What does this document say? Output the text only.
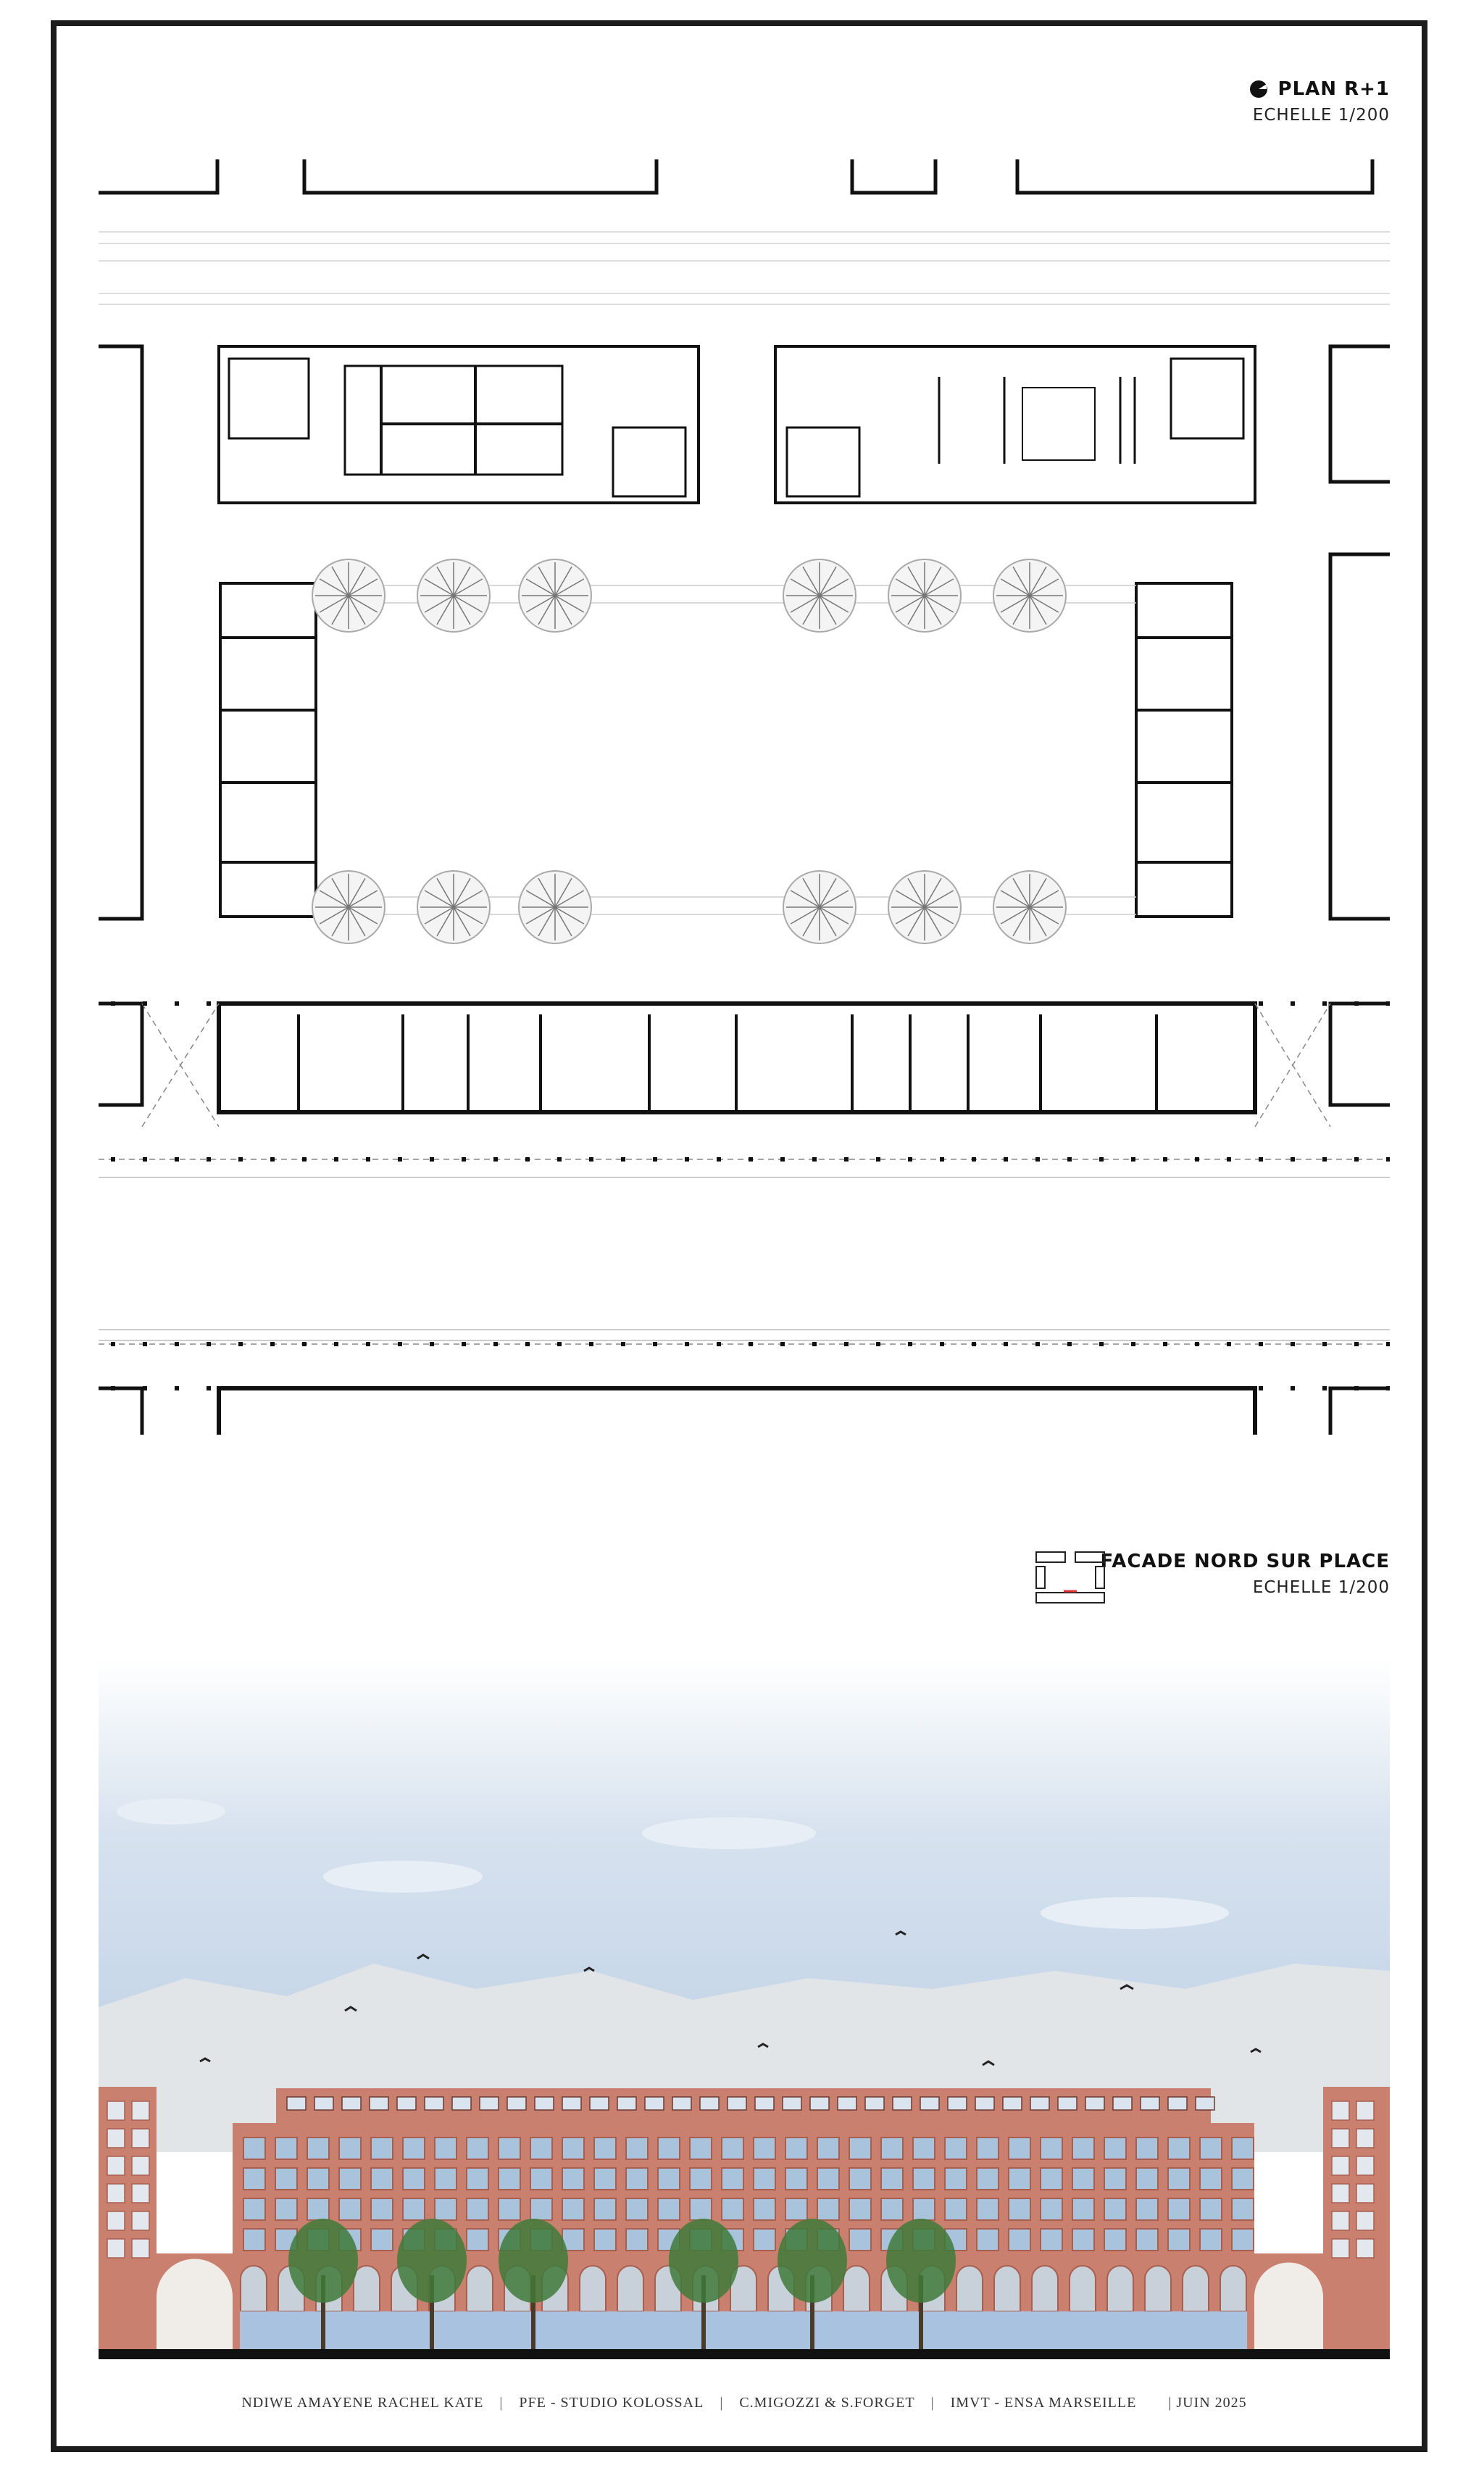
PLAN R+1
ECHELLE 1/200
FACADE NORD SUR PLACE
ECHELLE 1/200
NDIWE AMAYENE RACHEL KATE | PFE - STUDIO KOLOSSAL | C.MIGOZZI & S.FORGET | IMVT - ENSA MARSEILLE | JUIN 2025
